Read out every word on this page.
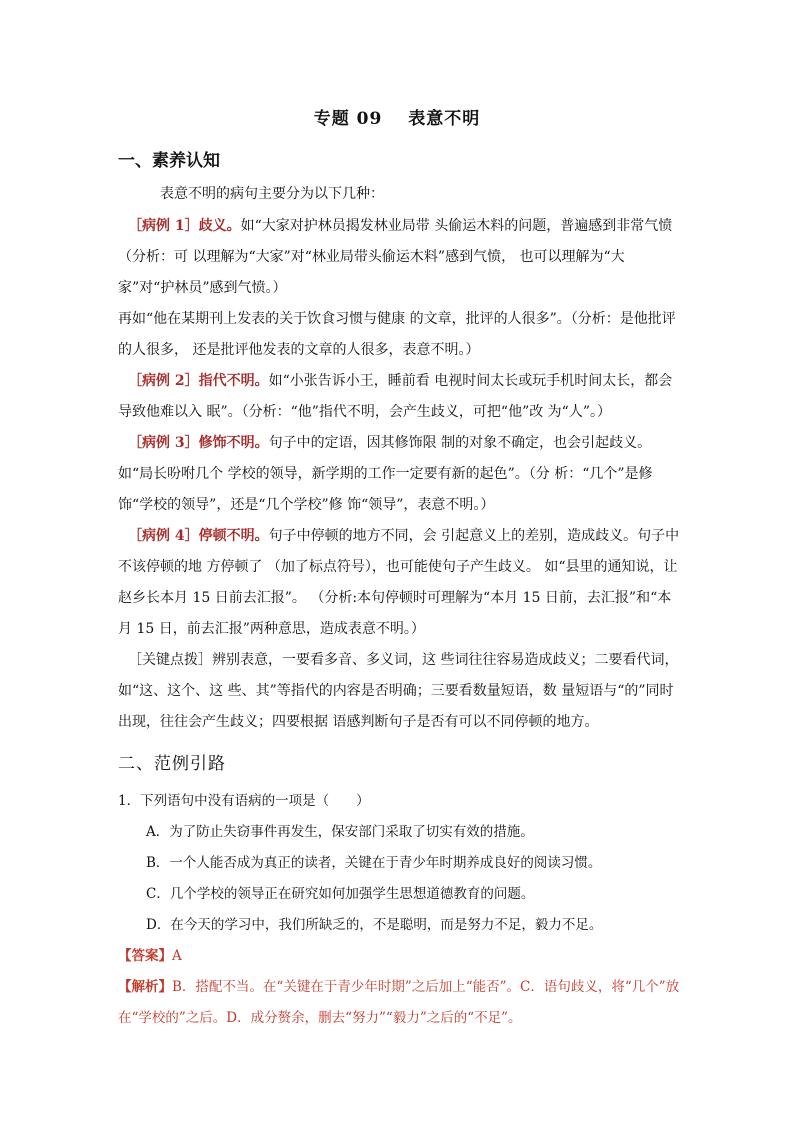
专题 09 表意不明
一、素养认知

表意不明的病句主要分为以下几种：

［病例 1］歧义。如“大家对护林员揭发林业局带 头偷运木料的问题，普遍感到非常气愤（分析：可 以理解为“大家”对“林业局带头偷运木料”感到气愤， 也可以理解为“大家”对“护林员”感到气愤。）

再如“他在某期刊上发表的关于饮食习惯与健康 的文章，批评的人很多”。（分析：是他批评的人很多， 还是批评他发表的文章的人很多，表意不明。）

［病例 2］指代不明。如“小张告诉小王，睡前看 电视时间太长或玩手机时间太长，都会导致他难以入 眠”。（分析：“他”指代不明，会产生歧义，可把“他”改 为“人”。）

［病例 3］修饰不明。句子中的定语，因其修饰限 制的对象不确定，也会引起歧义。如“局长吩咐几个 学校的领导，新学期的工作一定要有新的起色”。（分 析：“几个”是修饰“学校的领导”，还是“几个学校”修 饰“领导”，表意不明。）

［病例 4］停顿不明。句子中停顿的地方不同，会 引起意义上的差别，造成歧义。句子中不该停顿的地 方停顿了 （加了标点符号），也可能使句子产生歧义。 如“县里的通知说，让赵乡长本月 15 日前去汇报”。 （分析:本句停顿时可理解为“本月 15 日前，去汇报”和“本月 15 日，前去汇报”两种意思，造成表意不明。）

［关键点拨］辨别表意，一要看多音、多义词，这 些词往往容易造成歧义；二要看代词，如“这、这个、这 些、其”等指代的内容是否明确；三要看数量短语，数 量短语与“的”同时出现，往往会产生歧义；四要根据 语感判断句子是否有可以不同停顿的地方。

二、范例引路

1．下列语句中没有语病的一项是（　　）

A．为了防止失窃事件再发生，保安部门采取了切实有效的措施。

B．一个人能否成为真正的读者，关键在于青少年时期养成良好的阅读习惯。

C．几个学校的领导正在研究如何加强学生思想道德教育的问题。

D．在今天的学习中，我们所缺乏的，不是聪明，而是努力不足，毅力不足。

【答案】A

【解析】B．搭配不当。在“关键在于青少年时期”之后加上“能否”。C．语句歧义，将“几个”放在“学校的”之后。D．成分赘余，删去“努力”“毅力”之后的“不足”。
